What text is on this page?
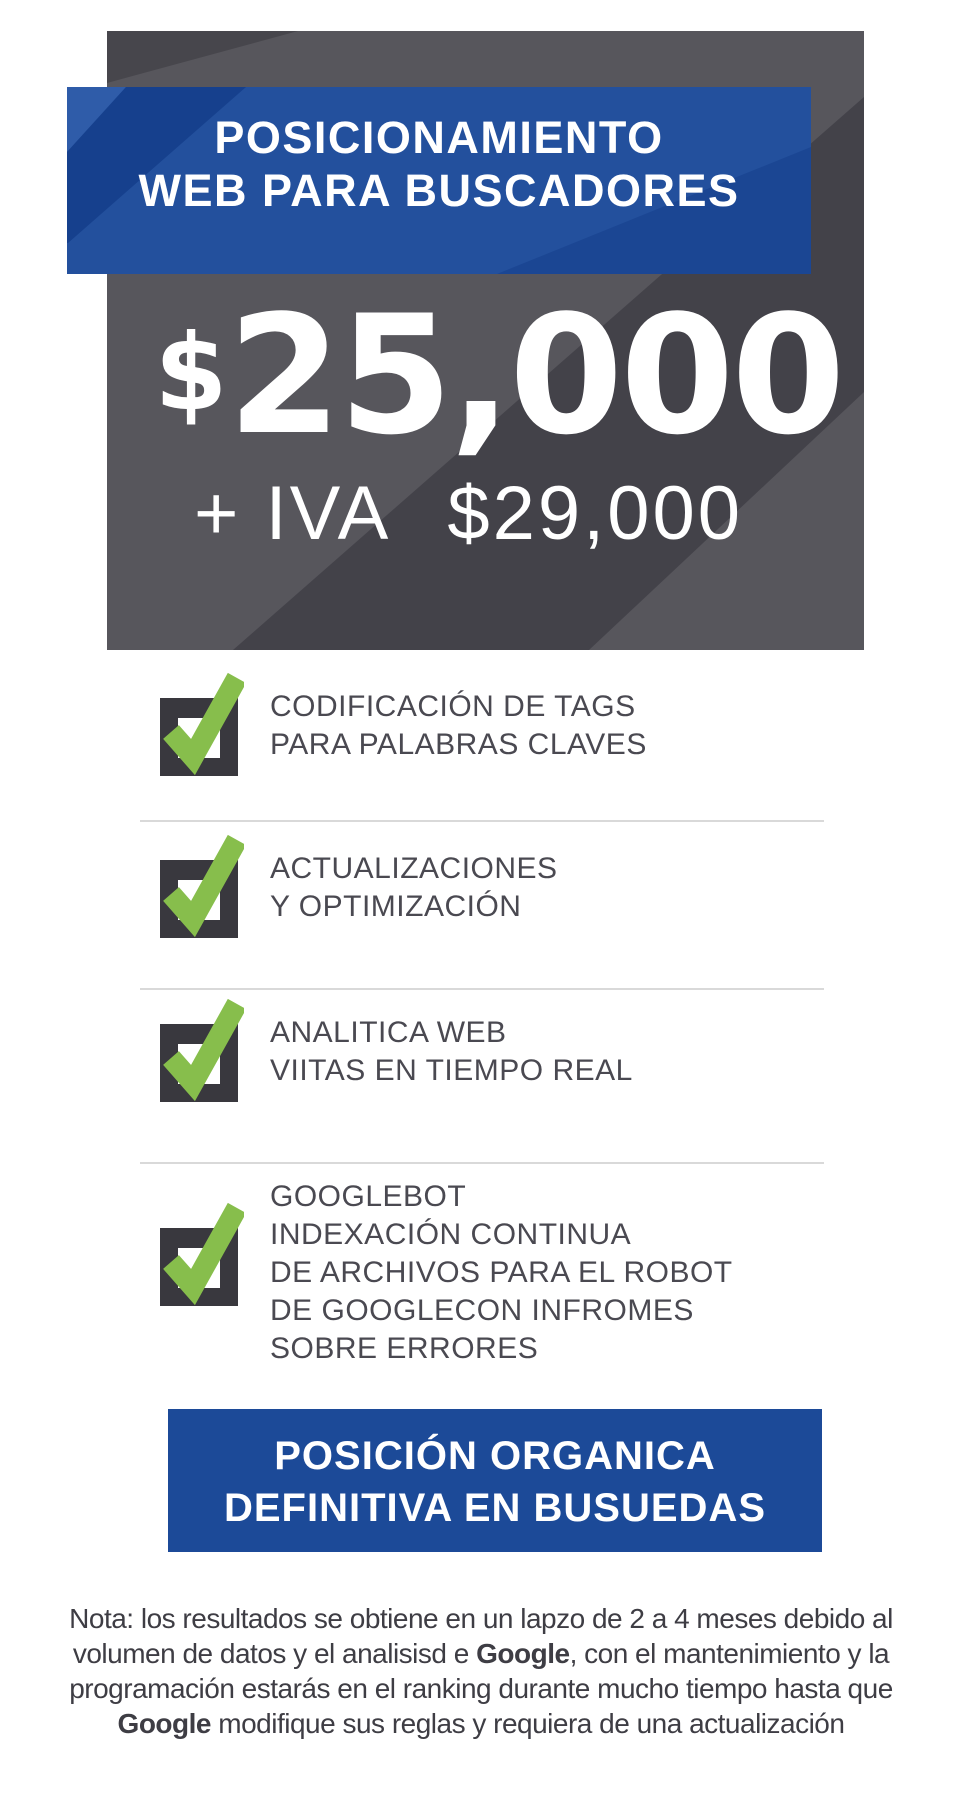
POSICIONAMIENTO
WEB PARA BUSCADORES
$25,000
+ IVA $29,000
CODIFICACIÓN DE TAGS
PARA PALABRAS CLAVES
ACTUALIZACIONES
Y OPTIMIZACIÓN
ANALITICA WEB
VIITAS EN TIEMPO REAL
GOOGLEBOT
INDEXACIÓN CONTINUA
DE ARCHIVOS PARA EL ROBOT
DE GOOGLECON INFROMES
SOBRE ERRORES
POSICIÓN ORGANICA
DEFINITIVA EN BUSUEDAS

Nota: los resultados se obtiene en un lapzo de 2 a 4 meses debido al
volumen de datos y el analisisd e Google, con el mantenimiento y la
programación estarás en el ranking durante mucho tiempo hasta que
Google modifique sus reglas y requiera de una actualización
